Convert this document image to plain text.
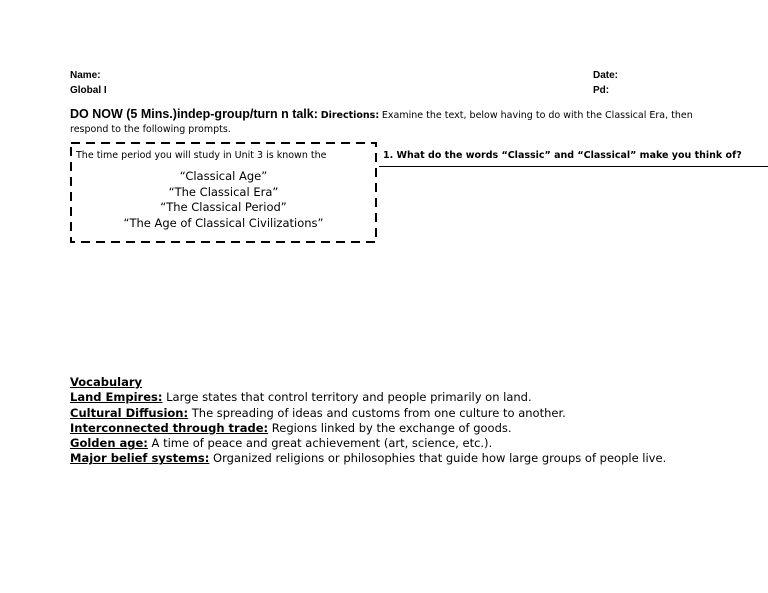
Name:
Global I
Date:
Pd:
DO NOW (5 Mins.)indep-group/turn n talk: Directions: Examine the text, below having to do with the Classical Era, then respond to the following prompts.
The time period you will study in Unit 3 is known the
“Classical Age”
“The Classical Era”
“The Classical Period”
“The Age of Classical Civilizations”
1. What do the words “Classic” and “Classical” make you think of?
Vocabulary
Land Empires: Large states that control territory and people primarily on land.
Cultural Diffusion: The spreading of ideas and customs from one culture to another.
Interconnected through trade: Regions linked by the exchange of goods.
Golden age: A time of peace and great achievement (art, science, etc.).
Major belief systems: Organized religions or philosophies that guide how large groups of people live.
